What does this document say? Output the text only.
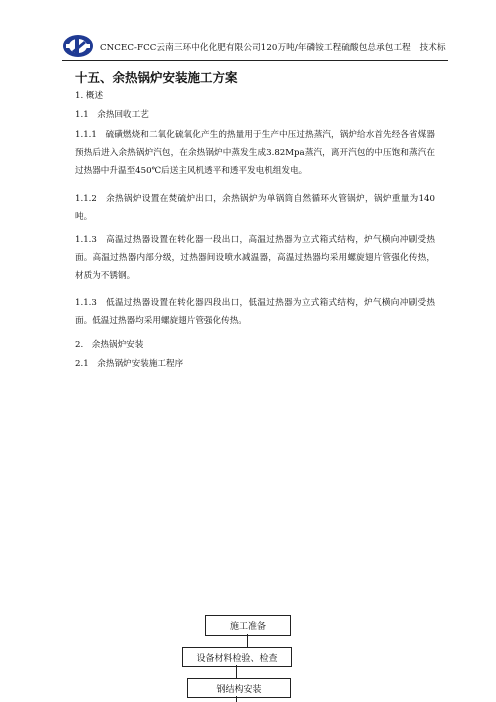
CNCEC-FCC云南三环中化化肥有限公司120万吨/年磷铵工程硫酸包总承包工程　技术标
十五、余热锅炉安装施工方案
1. 概述
1.1　余热回收工艺
1.1.1　硫磺燃烧和二氧化硫氧化产生的热量用于生产中压过热蒸汽，锅炉给水首先经各省煤器预热后进入余热锅炉汽包，在余热锅炉中蒸发生成3.82Mpa蒸汽，离开汽包的中压饱和蒸汽在过热器中升温至450℃后送主风机透平和透平发电机组发电。
1.1.2　余热锅炉设置在焚硫炉出口，余热锅炉为单锅筒自然循环火管锅炉，锅炉重量为140吨。
1.1.3　高温过热器设置在转化器一段出口，高温过热器为立式箱式结构，炉气横向冲刷受热面。高温过热器内部分级，过热器间设喷水减温器，高温过热器均采用螺旋翅片管强化传热，材质为不锈钢。
1.1.3　低温过热器设置在转化器四段出口，低温过热器为立式箱式结构，炉气横向冲刷受热面。低温过热器均采用螺旋翅片管强化传热。
2.　余热锅炉安装
2.1　余热锅炉安装施工程序
施工准备
设备材料检验、检查
钢结构安装
